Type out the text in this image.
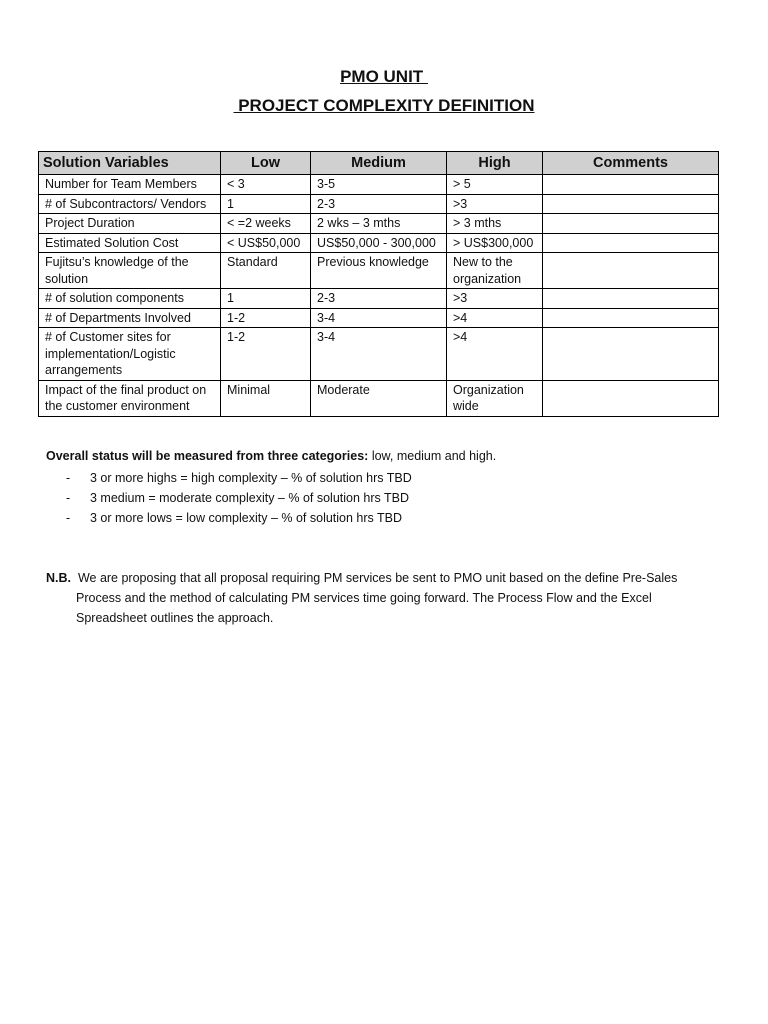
PMO UNIT
PROJECT COMPLEXITY DEFINITION
Solution Variables	Low	Medium	High	Comments
Number for Team Members	< 3	3-5	> 5	
# of Subcontractors/ Vendors	1	2-3	>3	
Project Duration	< =2 weeks	2 wks – 3 mths	> 3 mths	
Estimated Solution Cost	< US$50,000	US$50,000 - 300,000	> US$300,000	
Fujitsu’s knowledge of the solution	Standard	Previous knowledge	New to the organization	
# of solution components	1	2-3	>3	
# of Departments Involved	1-2	3-4	>4	
# of Customer sites for implementation/Logistic arrangements	1-2	3-4	>4	
Impact of the final product on the customer environment	Minimal	Moderate	Organization wide	
Overall status will be measured from three categories: low, medium and high.
- 3 or more highs = high complexity – % of solution hrs TBD
- 3 medium = moderate complexity – % of solution hrs TBD
- 3 or more lows = low complexity – % of solution hrs TBD
N.B.  We are proposing that all proposal requiring PM services be sent to PMO unit based on the define Pre-Sales
Process and the method of calculating PM services time going forward. The Process Flow and the Excel
Spreadsheet outlines the approach.
